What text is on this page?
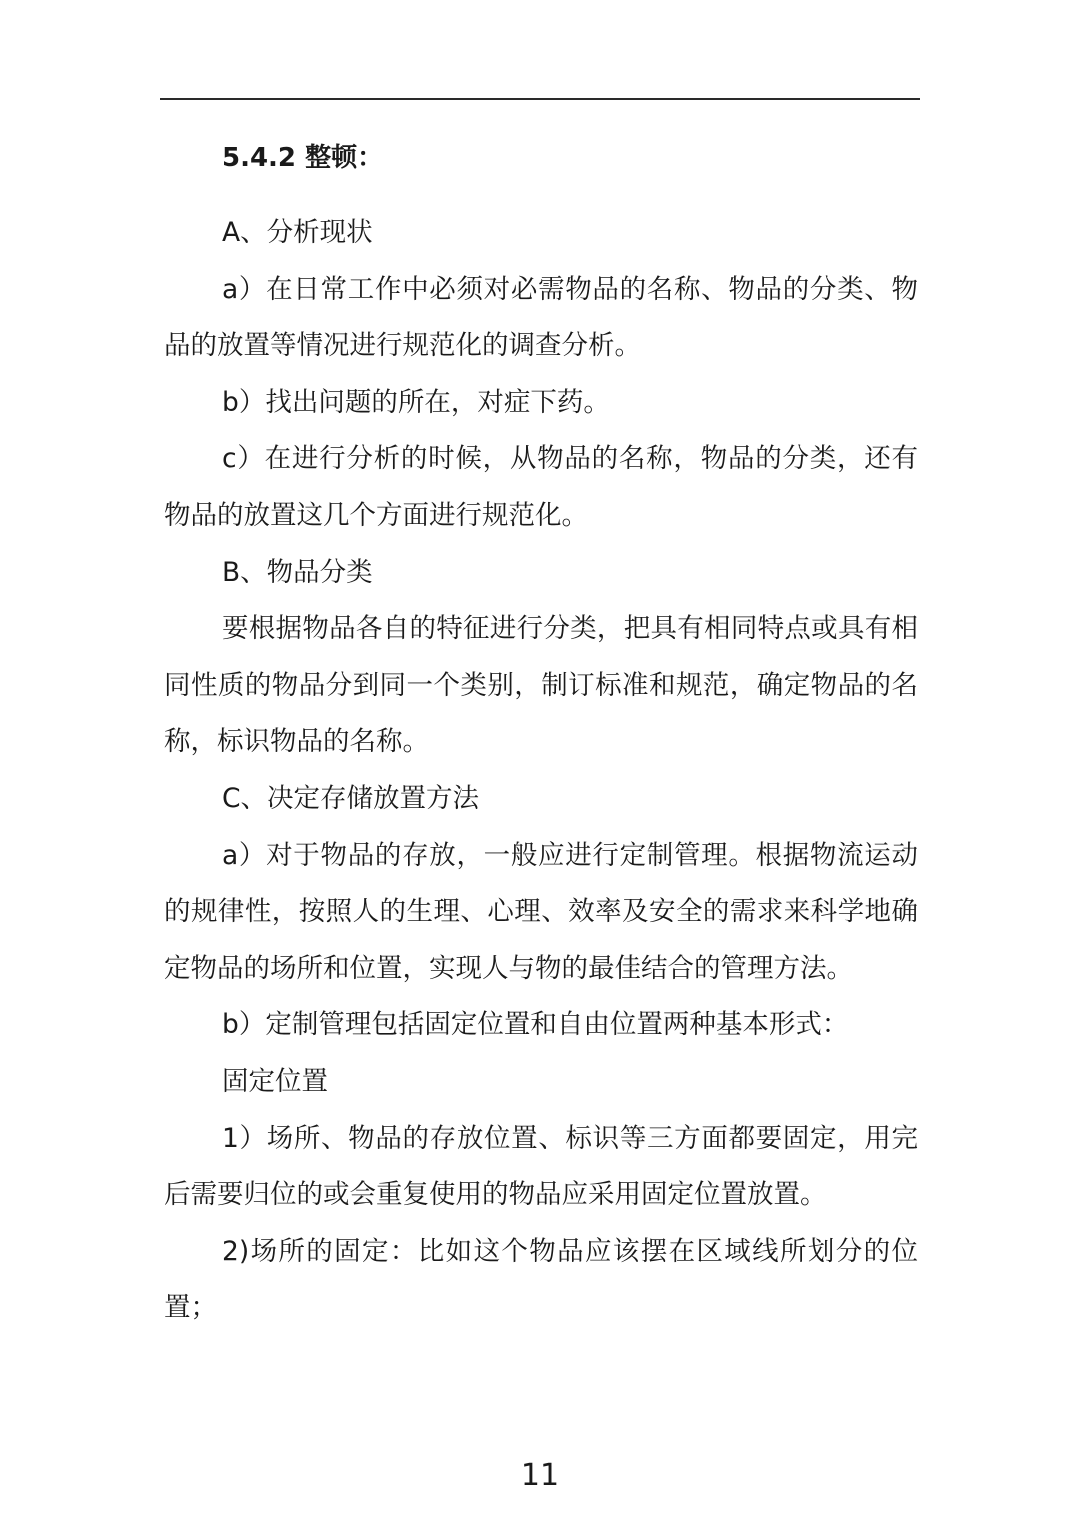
5.4.2 整顿：

A、分析现状

a）在日常工作中必须对必需物品的名称、物品的分类、物品的放置等情况进行规范化的调查分析。

b）找出问题的所在，对症下药。

c）在进行分析的时候，从物品的名称，物品的分类，还有物品的放置这几个方面进行规范化。

B、物品分类

要根据物品各自的特征进行分类，把具有相同特点或具有相同性质的物品分到同一个类别，制订标准和规范，确定物品的名称，标识物品的名称。

C、决定存储放置方法

a）对于物品的存放，一般应进行定制管理。根据物流运动的规律性，按照人的生理、心理、效率及安全的需求来科学地确定物品的场所和位置，实现人与物的最佳结合的管理方法。

b）定制管理包括固定位置和自由位置两种基本形式：

固定位置

1）场所、物品的存放位置、标识等三方面都要固定，用完后需要归位的或会重复使用的物品应采用固定位置放置。

2)场所的固定：比如这个物品应该摆在区域线所划分的位置；

11
